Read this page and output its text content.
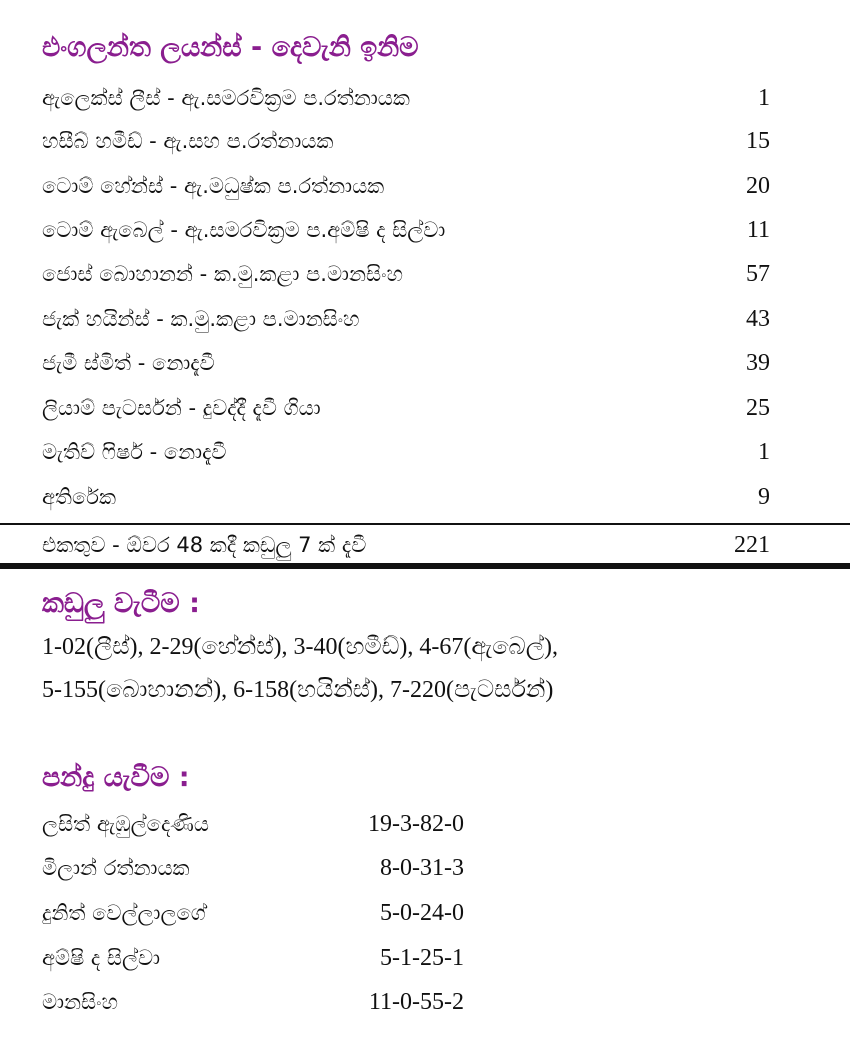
එංගලන්ත ලයන්ස් - දෙවැනි ඉනිම
ඇලෙක්ස් ලීස් - ඇ.සමරවික්‍රම ප.රත්නායක	1
හසීබ් හමීඩ් - ඇ.සහ ප.රත්නායක	15
ටොම් හේන්ස් - ඇ.මධුෂ්ක ප.රත්නායක	20
ටොම් ඇබෙල් - ඇ.සමරවික්‍රම ප.අම්ෂි ද සිල්වා	11
ජොස් බොහානන් - ක.මු.කළා ප.මානසිංහ	57
ජැක් හයින්ස් - ක.මු.කළා ප.මානසිංහ	43
ජැමී ස්මිත් - නොදැවී	39
ලියාම් පැටර්සන් - දුවද්දී දැවී ගියා	25
මැතිව් ෆිෂර් - නොදැවී	1
අතිරේක	9
එකතුව - ඕවර 48 කදී කඩුලු 7 ක් දැවී	221
කඩුලු වැටීම :
1-02(ලීස්), 2-29(හේන්ස්), 3-40(හමීඩ්), 4-67(ඇබෙල්),
5-155(බොහානන්), 6-158(හයින්ස්), 7-220(පැටර්සන්)
පන්දු යැවීම :
ලසිත් ඇඹුල්දෙණිය	19-3-82-0
මිලාන් රත්නායක	8-0-31-3
දුනිත් වෙල්ලාලගේ	5-0-24-0
අම්ෂි ද සිල්වා	5-1-25-1
මානසිංහ	11-0-55-2
